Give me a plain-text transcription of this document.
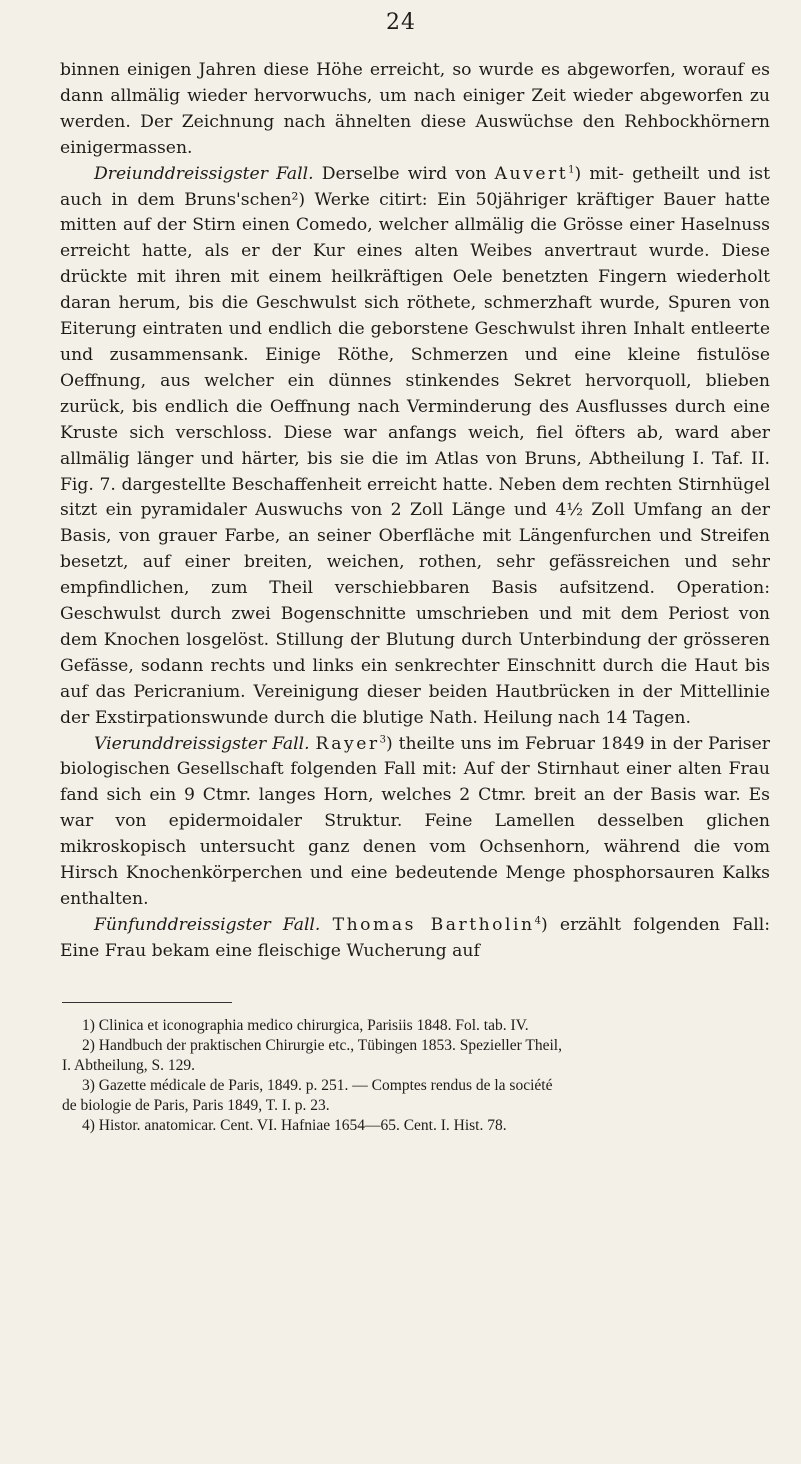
24

binnen einigen Jahren diese Höhe erreicht, so wurde es abgeworfen, worauf es dann allmälig wieder hervorwuchs, um nach einiger Zeit wieder abgeworfen zu werden. Der Zeichnung nach ähnelten diese Auswüchse den Rehbockhörnern einigermassen.

Dreiunddreissigster Fall. Derselbe wird von Auvert$^1$) mit- getheilt und ist auch in dem Bruns'schen²) Werke citirt: Ein 50jähriger kräftiger Bauer hatte mitten auf der Stirn einen Comedo, welcher allmälig die Grösse einer Haselnuss erreicht hatte, als er der Kur eines alten Weibes anvertraut wurde. Diese drückte mit ihren mit einem heilkräftigen Oele benetzten Fingern wiederholt daran herum, bis die Geschwulst sich röthete, schmerzhaft wurde, Spuren von Eiterung eintraten und endlich die geborstene Geschwulst ihren Inhalt entleerte und zusammensank. Einige Röthe, Schmerzen und eine kleine fistulöse Oeffnung, aus welcher ein dünnes stinkendes Sekret hervorquoll, blieben zurück, bis endlich die Oeffnung nach Verminderung des Ausflusses durch eine Kruste sich verschloss. Diese war anfangs weich, fiel öfters ab, ward aber allmälig länger und härter, bis sie die im Atlas von Bruns, Abtheilung I. Taf. II. Fig. 7. dargestellte Beschaffenheit erreicht hatte. Neben dem rechten Stirnhügel sitzt ein pyramidaler Auswuchs von 2 Zoll Länge und 4½ Zoll Umfang an der Basis, von grauer Farbe, an seiner Oberfläche mit Längenfurchen und Streifen besetzt, auf einer breiten, weichen, rothen, sehr gefässreichen und sehr empfindlichen, zum Theil verschiebbaren Basis aufsitzend. Operation: Geschwulst durch zwei Bogenschnitte umschrieben und mit dem Periost von dem Knochen losgelöst. Stillung der Blutung durch Unterbindung der grösseren Gefässe, sodann rechts und links ein senkrechter Einschnitt durch die Haut bis auf das Pericranium. Vereinigung dieser beiden Hautbrücken in der Mittellinie der Exstirpationswunde durch die blutige Nath. Heilung nach 14 Tagen.

Vierunddreissigster Fall. Rayer$^3$) theilte uns im Februar 1849 in der Pariser biologischen Gesellschaft folgenden Fall mit: Auf der Stirnhaut einer alten Frau fand sich ein 9 Ctmr. langes Horn, welches 2 Ctmr. breit an der Basis war. Es war von epidermoidaler Struktur. Feine Lamellen desselben glichen mikroskopisch untersucht ganz denen vom Ochsenhorn, während die vom Hirsch Knochenkörperchen und eine bedeutende Menge phosphorsauren Kalks enthalten.

Fünfunddreissigster Fall. Thomas Bartholin$^4$) erzählt folgenden Fall: Eine Frau bekam eine fleischige Wucherung auf

1) Clinica et iconographia medico chirurgica, Parisiis 1848. Fol. tab. IV.
2) Handbuch der praktischen Chirurgie etc., Tübingen 1853. Spezieller Theil,
I. Abtheilung, S. 129.
3) Gazette médicale de Paris, 1849. p. 251. — Comptes rendus de la société
de biologie de Paris, Paris 1849, T. I. p. 23.
4) Histor. anatomicar. Cent. VI. Hafniae 1654—65. Cent. I. Hist. 78.
